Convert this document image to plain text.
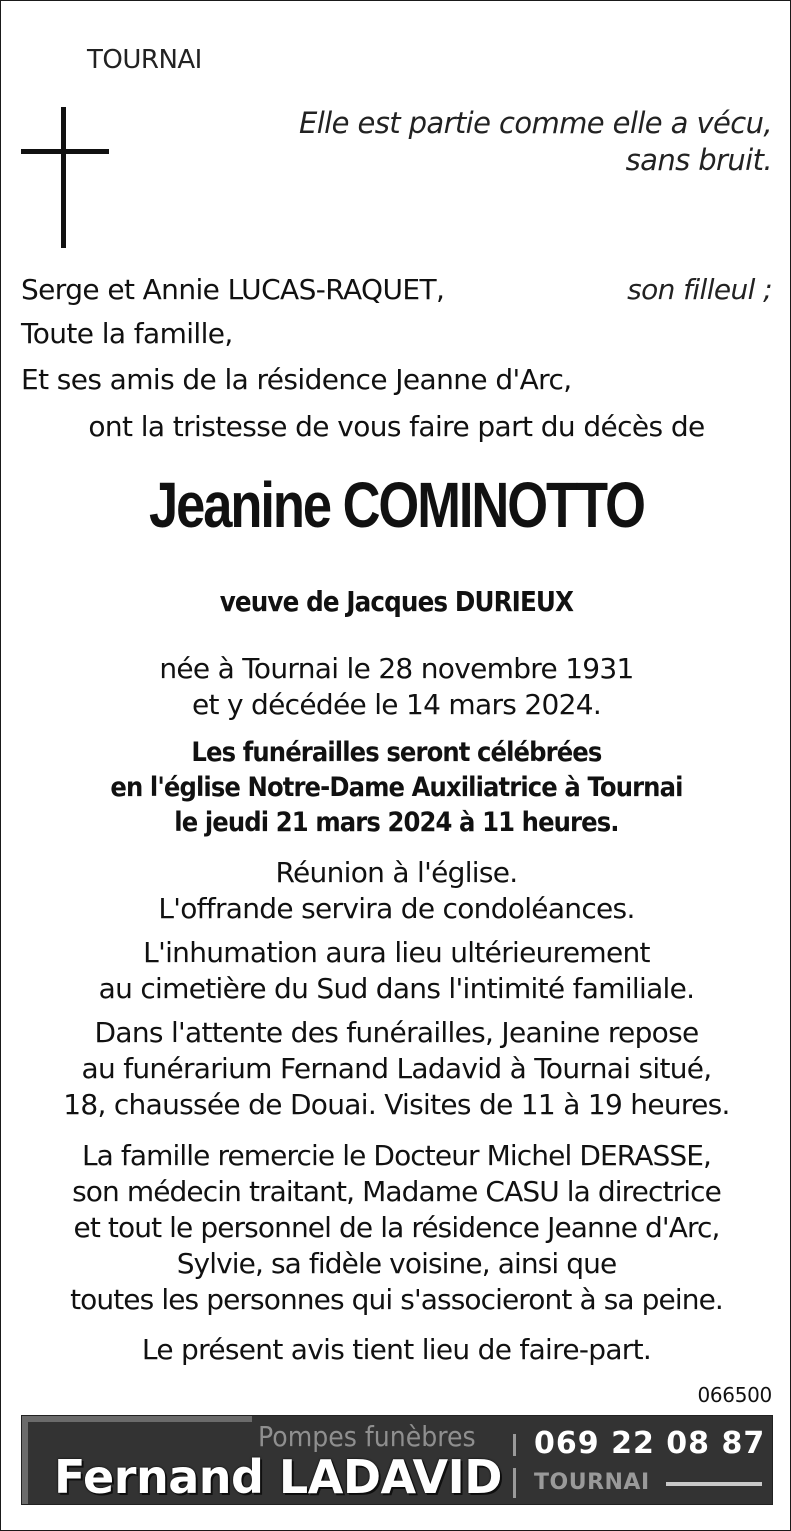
TOURNAI
Elle est partie comme elle a vécu,
sans bruit.
Serge et Annie LUCAS-RAQUET,	son filleul ;
Toute la famille,
Et ses amis de la résidence Jeanne d'Arc,
ont la tristesse de vous faire part du décès de
Jeanine COMINOTTO
veuve de Jacques DURIEUX
née à Tournai le 28 novembre 1931
et y décédée le 14 mars 2024.
Les funérailles seront célébrées
en l'église Notre-Dame Auxiliatrice à Tournai
le jeudi 21 mars 2024 à 11 heures.
Réunion à l'église.
L'offrande servira de condoléances.
L'inhumation aura lieu ultérieurement
au cimetière du Sud dans l'intimité familiale.
Dans l'attente des funérailles, Jeanine repose
au funérarium Fernand Ladavid à Tournai situé,
18, chaussée de Douai. Visites de 11 à 19 heures.
La famille remercie le Docteur Michel DERASSE,
son médecin traitant, Madame CASU la directrice
et tout le personnel de la résidence Jeanne d'Arc,
Sylvie, sa fidèle voisine, ainsi que
toutes les personnes qui s'associeront à sa peine.
Le présent avis tient lieu de faire-part.
066500
Pompes funèbres
Fernand LADAVID
069 22 08 87
TOURNAI
